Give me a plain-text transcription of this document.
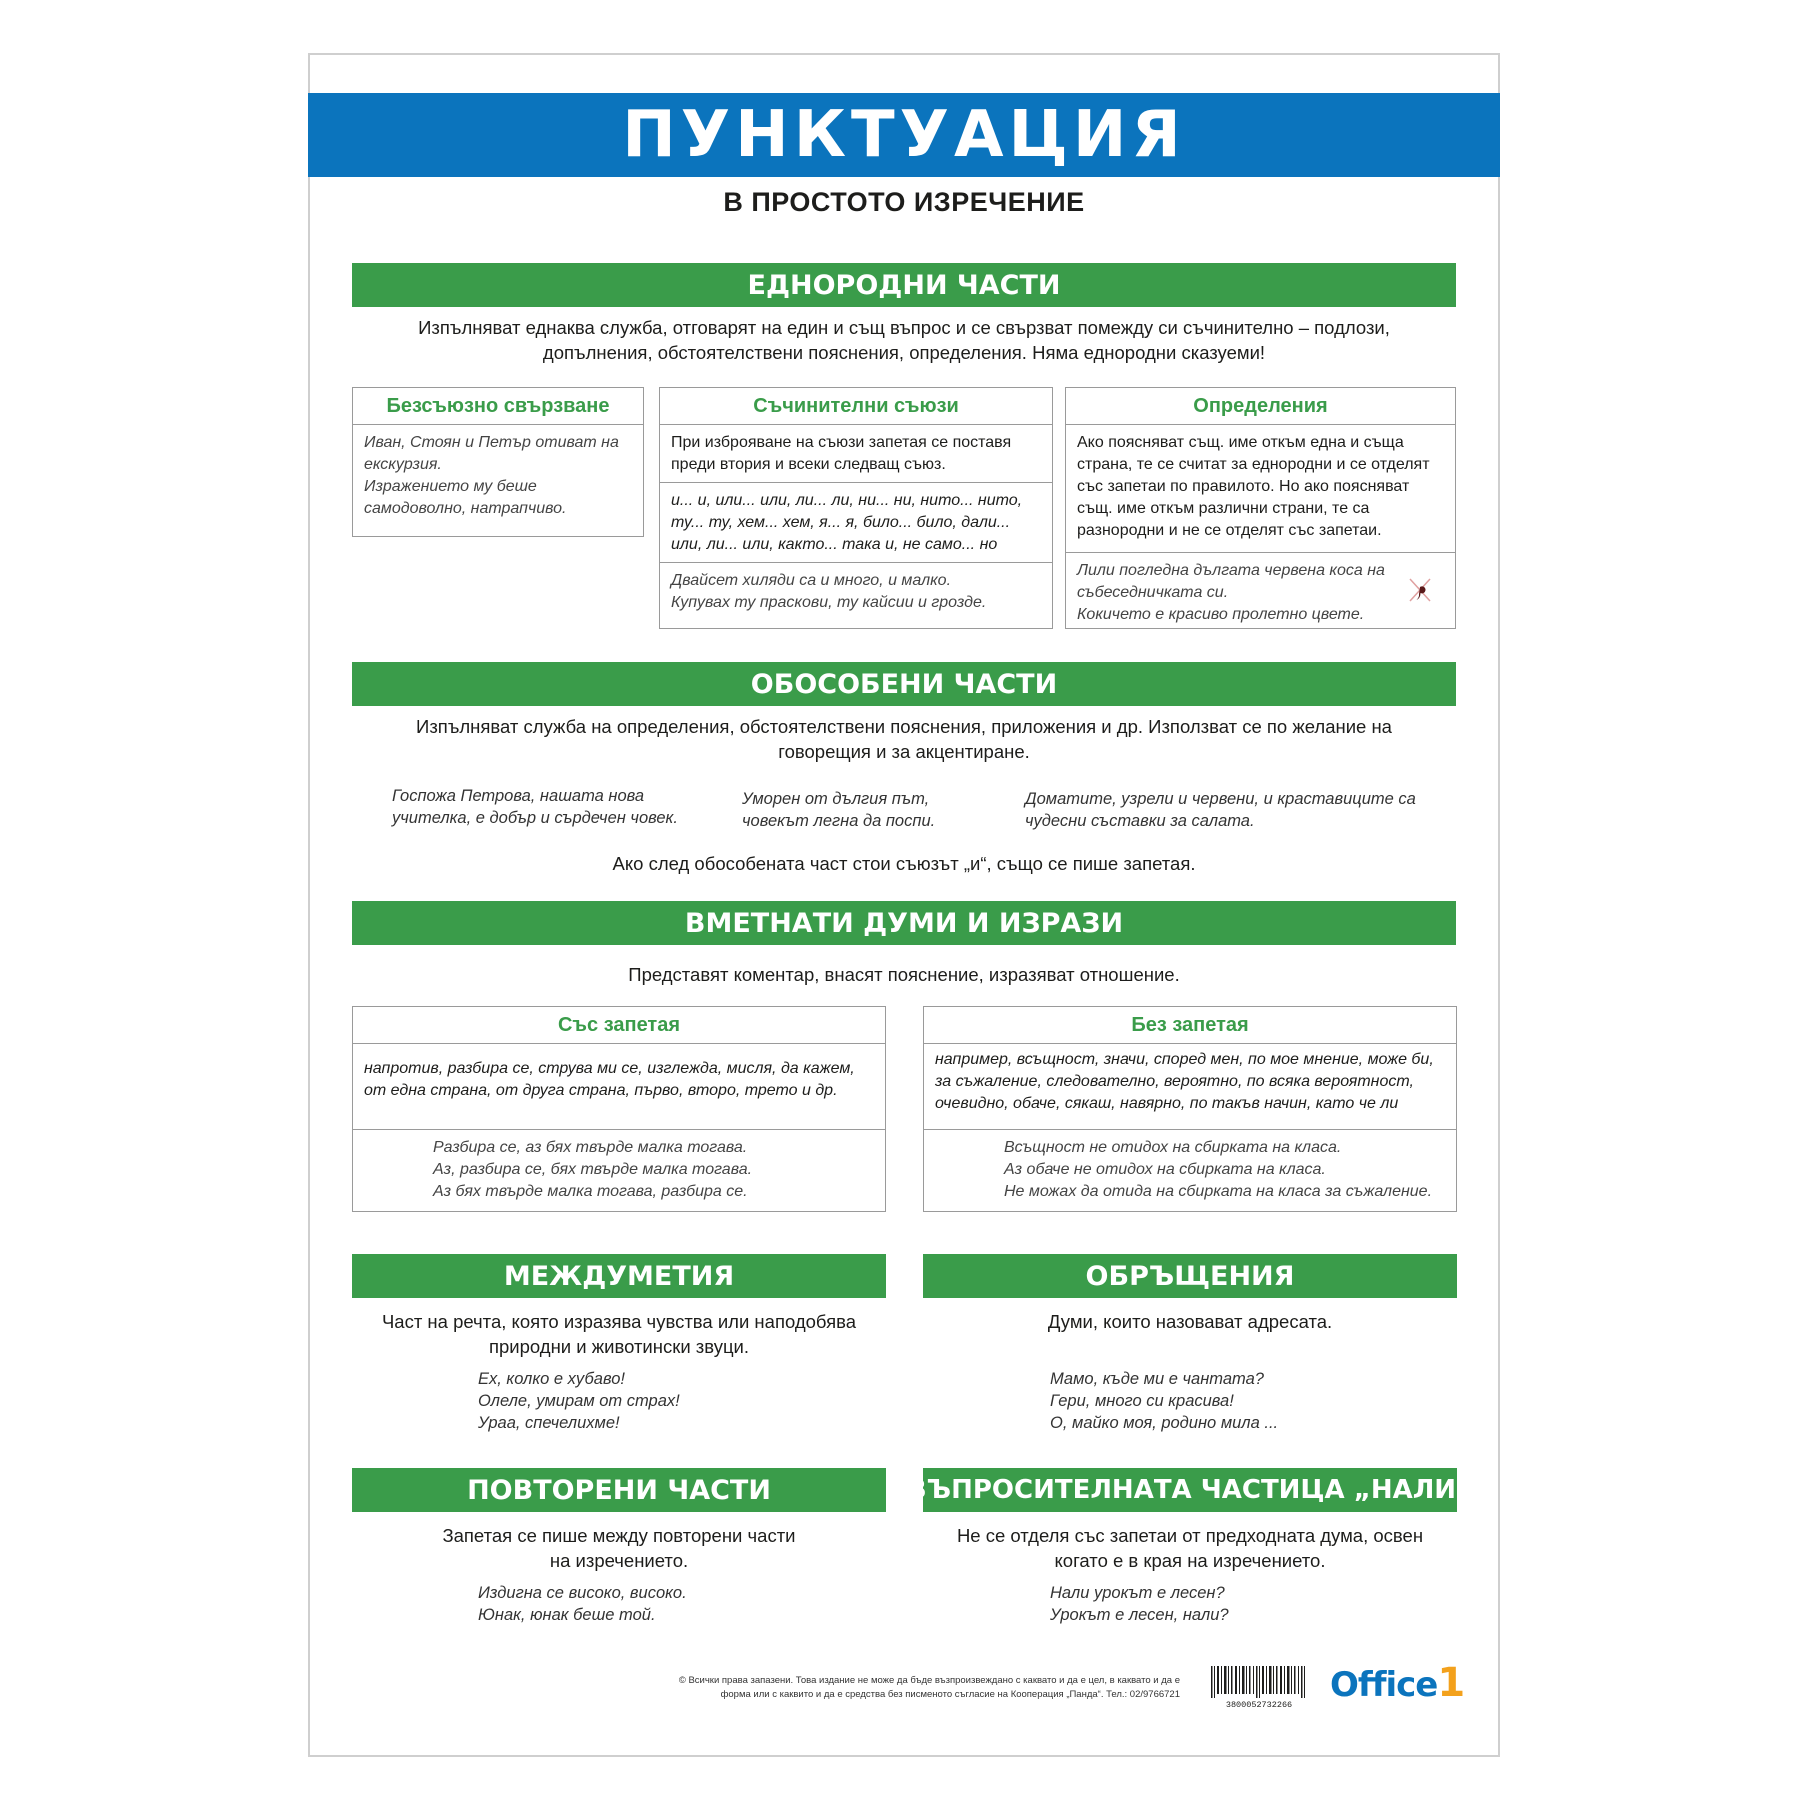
ПУНКТУАЦИЯ
В ПРОСТОТО ИЗРЕЧЕНИЕ
ЕДНОРОДНИ ЧАСТИ
Изпълняват еднаква служба, отговарят на един и същ въпрос и се свързват помежду си съчинително – подлози, допълнения, обстоятелствени пояснения, определения. Няма еднородни сказуеми!
Безсъюзно свързване
Иван, Стоян и Петър отиват на екскурзия.
Изражението му беше самодоволно, натрапчиво.
Съчинителни съюзи
При изброяване на съюзи запетая се поставя преди втория и всеки следващ съюз.
и... и, или... или, ли... ли, ни... ни, нито... нито, ту... ту, хем... хем, я... я, било... било, дали... или, ли... или, както... така и, не само... но
Двайсет хиляди са и много, и малко.
Купувах ту праскови, ту кайсии и грозде.
Определения
Ако поясняват същ. име откъм една и съща страна, те се считат за еднородни и се отделят със запетаи по правилото. Но ако поясняват същ. име откъм различни страни, те са разнородни и не се отделят със запетаи.
Лили погледна дългата червена коса на събеседничката си.
Кокичето е красиво пролетно цвете.
ОБОСОБЕНИ ЧАСТИ
Изпълняват служба на определения, обстоятелствени пояснения, приложения и др. Използват се по желание на говорещия и за акцентиране.
Госпожа Петрова, нашата нова учителка, е добър и сърдечен човек.
Уморен от дългия път, човекът легна да поспи.
Доматите, узрели и червени, и краставиците са чудесни съставки за салата.
Ако след обособената част стои съюзът „и“, също се пише запетая.
ВМЕТНАТИ ДУМИ И ИЗРАЗИ
Представят коментар, внасят пояснение, изразяват отношение.
Със запетая
напротив, разбира се, струва ми се, изглежда, мисля, да кажем, от една страна, от друга страна, първо, второ, трето и др.
Разбира се, аз бях твърде малка тогава.
Аз, разбира се, бях твърде малка тогава.
Аз бях твърде малка тогава, разбира се.
Без запетая
например, всъщност, значи, според мен, по мое мнение, може би, за съжаление, следователно, вероятно, по всяка вероятност, очевидно, обаче, сякаш, навярно, по такъв начин, като че ли
Всъщност не отидох на сбирката на класа.
Аз обаче не отидох на сбирката на класа.
Не можах да отида на сбирката на класа за съжаление.
МЕЖДУМЕТИЯ
Част на речта, която изразява чувства или наподобява природни и животински звуци.
Ех, колко е хубаво!
Олеле, умирам от страх!
Ураа, спечелихме!
ОБРЪЩЕНИЯ
Думи, които назовават адресата.
Мамо, къде ми е чантата?
Гери, много си красива!
О, майко моя, родино мила ...
ПОВТОРЕНИ ЧАСТИ
Запетая се пише между повторени части на изречението.
Издигна се високо, високо.
Юнак, юнак беше той.
ВЪПРОСИТЕЛНАТА ЧАСТИЦА „НАЛИ“
Не се отделя със запетаи от предходната дума, освен когато е в края на изречението.
Нали урокът е лесен?
Урокът е лесен, нали?
© Всички права запазени. Това издание не може да бъде възпроизвеждано с каквато и да е цел, в каквато и да е
форма или с каквито и да е средства без писменото съгласие на Кооперация „Панда“. Тел.: 02/9766721
3800052732266 Office1
